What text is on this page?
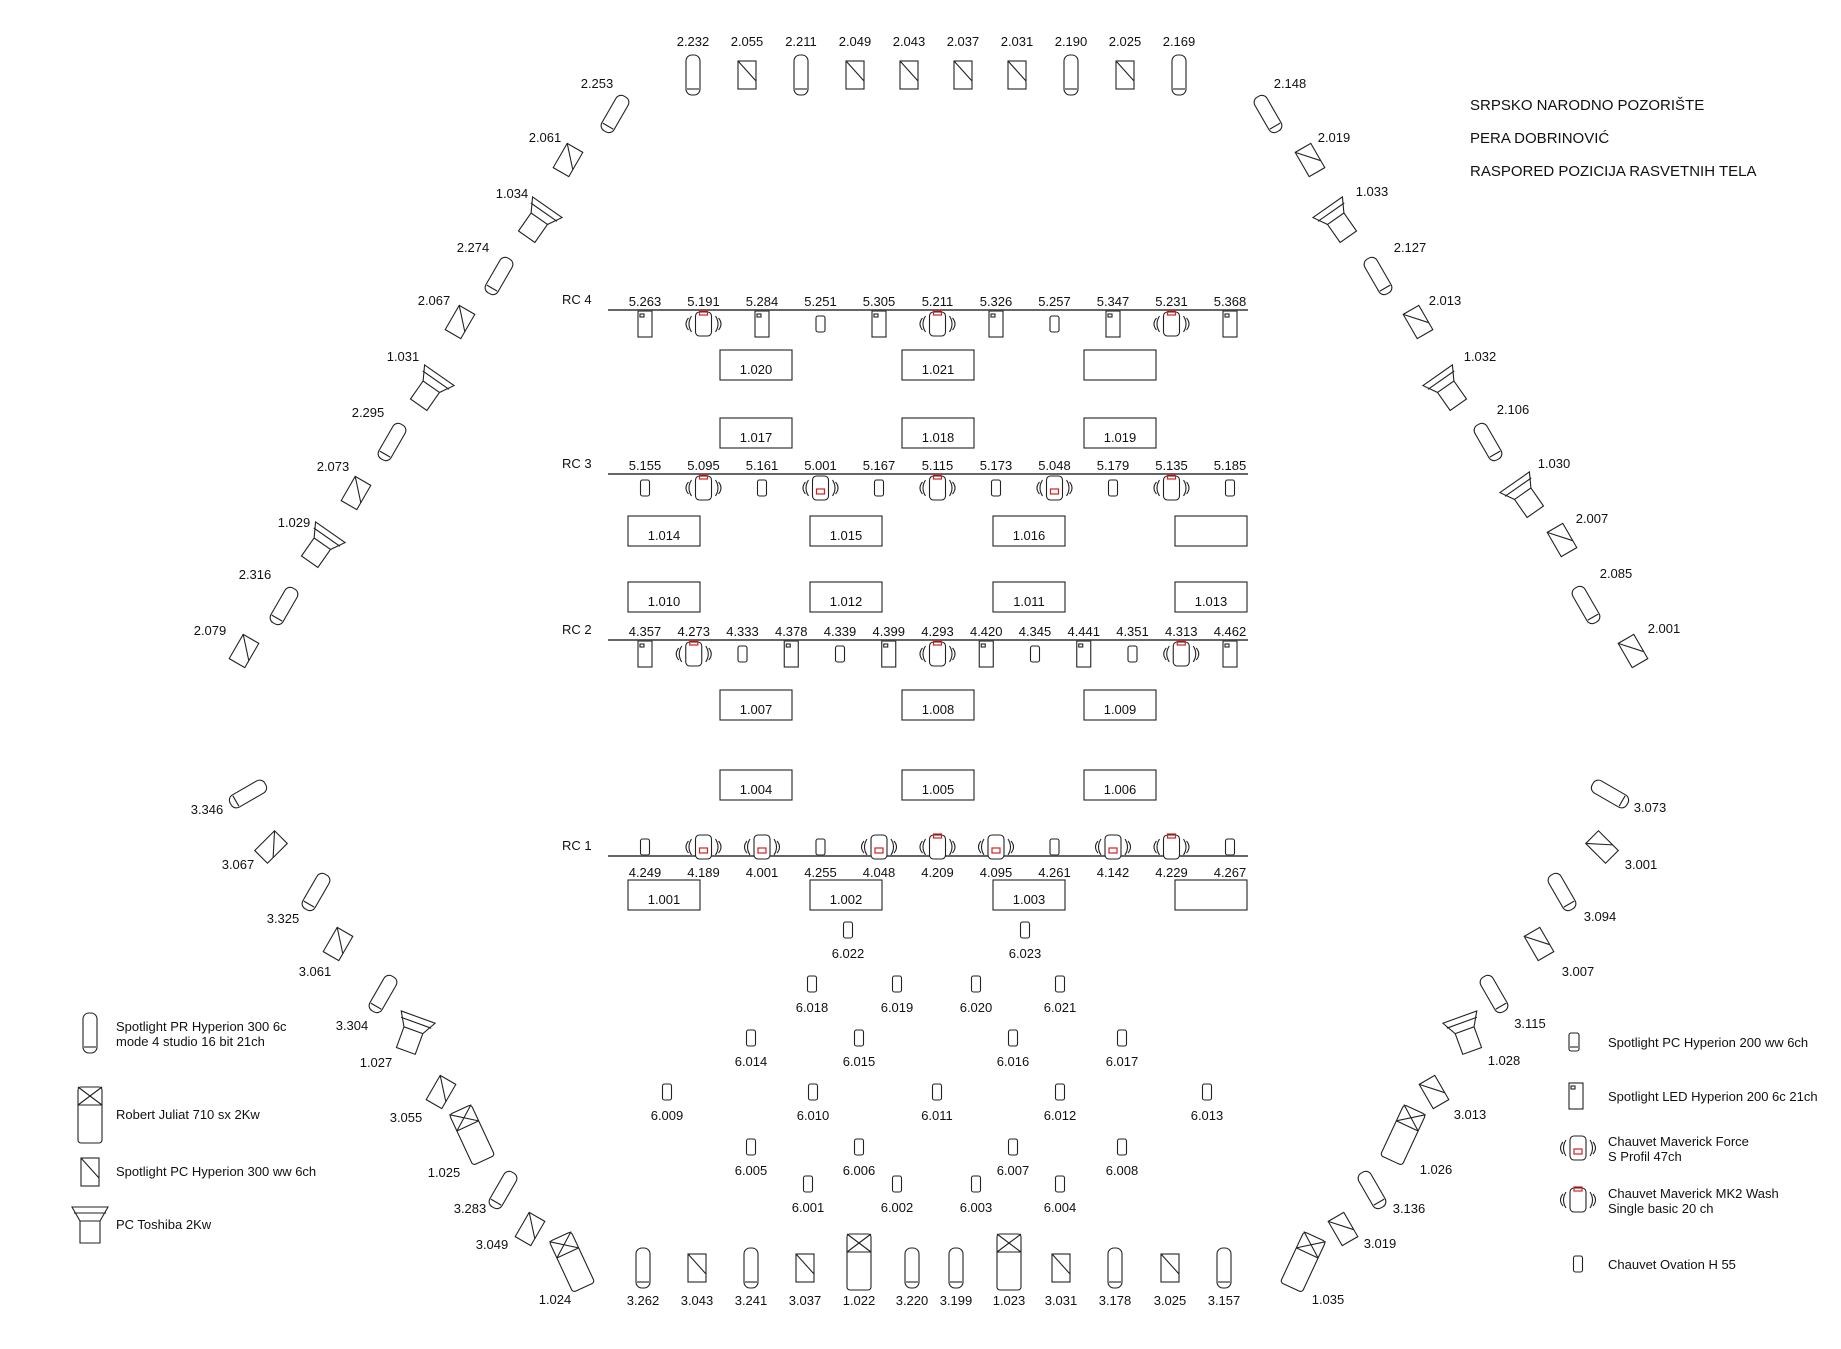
SRPSKO NARODNO POZORIŠTE
PERA DOBRINOVIĆ
RASPORED POZICIJA RASVETNIH TELA
RC 4	5.263 5.191 5.284 5.251 5.305 5.211 5.326 5.257 5.347 5.231 5.368
RC 3	5.155 5.095 5.161 5.001 5.167 5.115 5.173 5.048 5.179 5.135 5.185
RC 2	4.357 4.273 4.333 4.378 4.339 4.399 4.293 4.420 4.345 4.441 4.351 4.313 4.462
RC 1
4.249 4.189 4.001 4.255 4.048 4.209 4.095 4.261 4.142 4.229 4.267
1.020	1.021
1.017	1.018	1.019
1.014	1.015	1.016
1.010	1.012	1.011	1.013
1.007	1.008	1.009
1.004	1.005	1.006
1.001	1.002	1.003
6.022	6.023
6.018	6.019	6.020	6.021
6.014	6.015	6.016	6.017
6.009	6.010	6.011	6.012	6.013
6.005	6.006	6.007	6.008
6.001	6.002	6.003	6.004
2.232 2.055 2.211 2.049 2.043 2.037 2.031 2.190 2.025 2.169
2.253
2.061
1.034
2.274
2.067
1.031
2.295
2.073
1.029
2.316
2.079
2.148
2.019
1.033
2.127
2.013
1.032
2.106
1.030
2.007
2.085
2.001
3.346
3.067
3.325
3.061
3.304
1.027
3.055
1.025
3.283
3.049
1.024
3.073
3.001
3.094
3.007
3.115
1.028
3.013
1.026
3.136
3.019
1.035
3.262 3.043 3.241 3.037 1.022 3.220 3.199 1.023 3.031 3.178 3.025 3.157
Spotlight PR Hyperion 300 6c
mode 4 studio 16 bit 21ch
Robert Juliat 710 sx 2Kw
Spotlight PC Hyperion 300 ww 6ch
PC Toshiba 2Kw
Spotlight PC Hyperion 200 ww 6ch
Spotlight LED Hyperion 200 6c 21ch
Chauvet Maverick Force
S Profil 47ch
Chauvet Maverick MK2 Wash
Single basic 20 ch
Chauvet Ovation H 55
